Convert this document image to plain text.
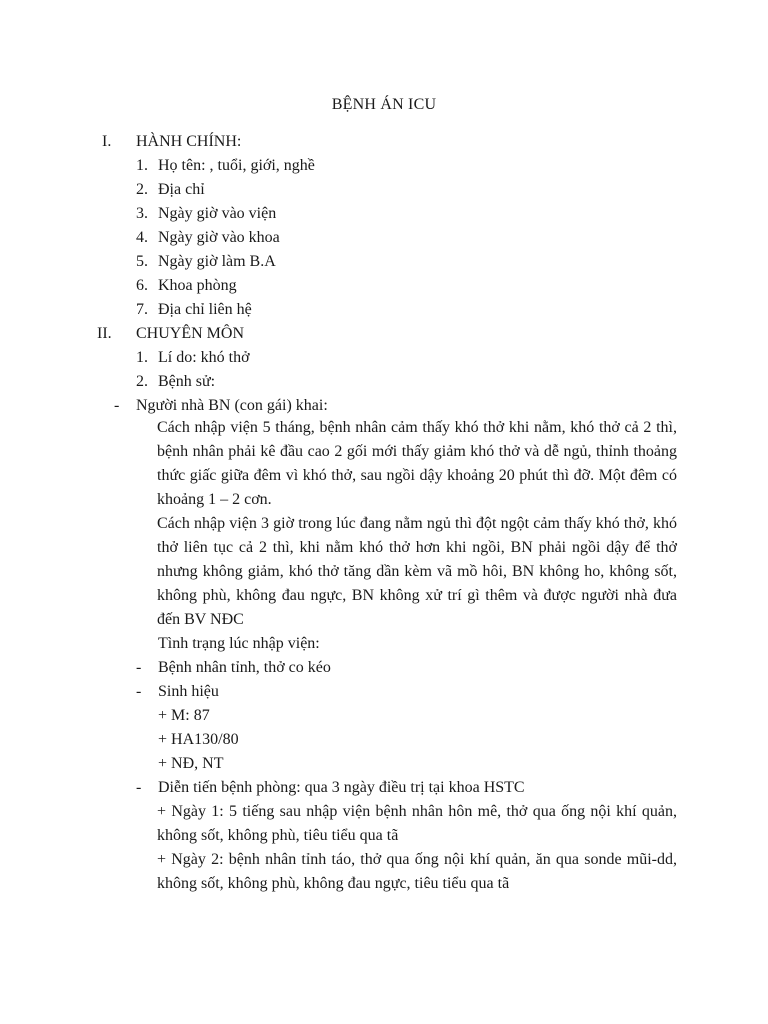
BỆNH ÁN ICU
I. HÀNH CHÍNH:
1. Họ tên: , tuổi, giới, nghề
2. Địa chỉ
3. Ngày giờ vào viện
4. Ngày giờ vào khoa
5. Ngày giờ làm B.A
6. Khoa phòng
7. Địa chỉ liên hệ
II. CHUYÊN MÔN
1. Lí do: khó thở
2. Bệnh sử:
- Người nhà BN (con gái) khai:
Cách nhập viện 5 tháng, bệnh nhân cảm thấy khó thở khi nằm, khó thở cả 2 thì, bệnh nhân phải kê đầu cao 2 gối mới thấy giảm khó thở và dễ ngủ, thỉnh thoảng thức giấc giữa đêm vì khó thở, sau ngồi dậy khoảng 20 phút thì đỡ. Một đêm có khoảng 1 – 2 cơn.
Cách nhập viện 3 giờ trong lúc đang nằm ngủ thì đột ngột cảm thấy khó thở, khó thở liên tục cả 2 thì, khi nằm khó thở hơn khi ngồi, BN phải ngồi dậy để thở nhưng không giảm, khó thở tăng dần kèm vã mồ hôi, BN không ho, không sốt, không phù, không đau ngực, BN không xử trí gì thêm và được người nhà đưa đến BV NĐC
Tình trạng lúc nhập viện:
- Bệnh nhân tỉnh, thở co kéo
- Sinh hiệu
+ M: 87
+ HA130/80
+ NĐ, NT
- Diễn tiến bệnh phòng: qua 3 ngày điều trị tại khoa HSTC
+ Ngày 1: 5 tiếng sau nhập viện bệnh nhân hôn mê, thở qua ống nội khí quản, không sốt, không phù, tiêu tiểu qua tã
+ Ngày 2: bệnh nhân tỉnh táo, thở qua ống nội khí quản, ăn qua sonde mũi-dd, không sốt, không phù, không đau ngực, tiêu tiểu qua tã
